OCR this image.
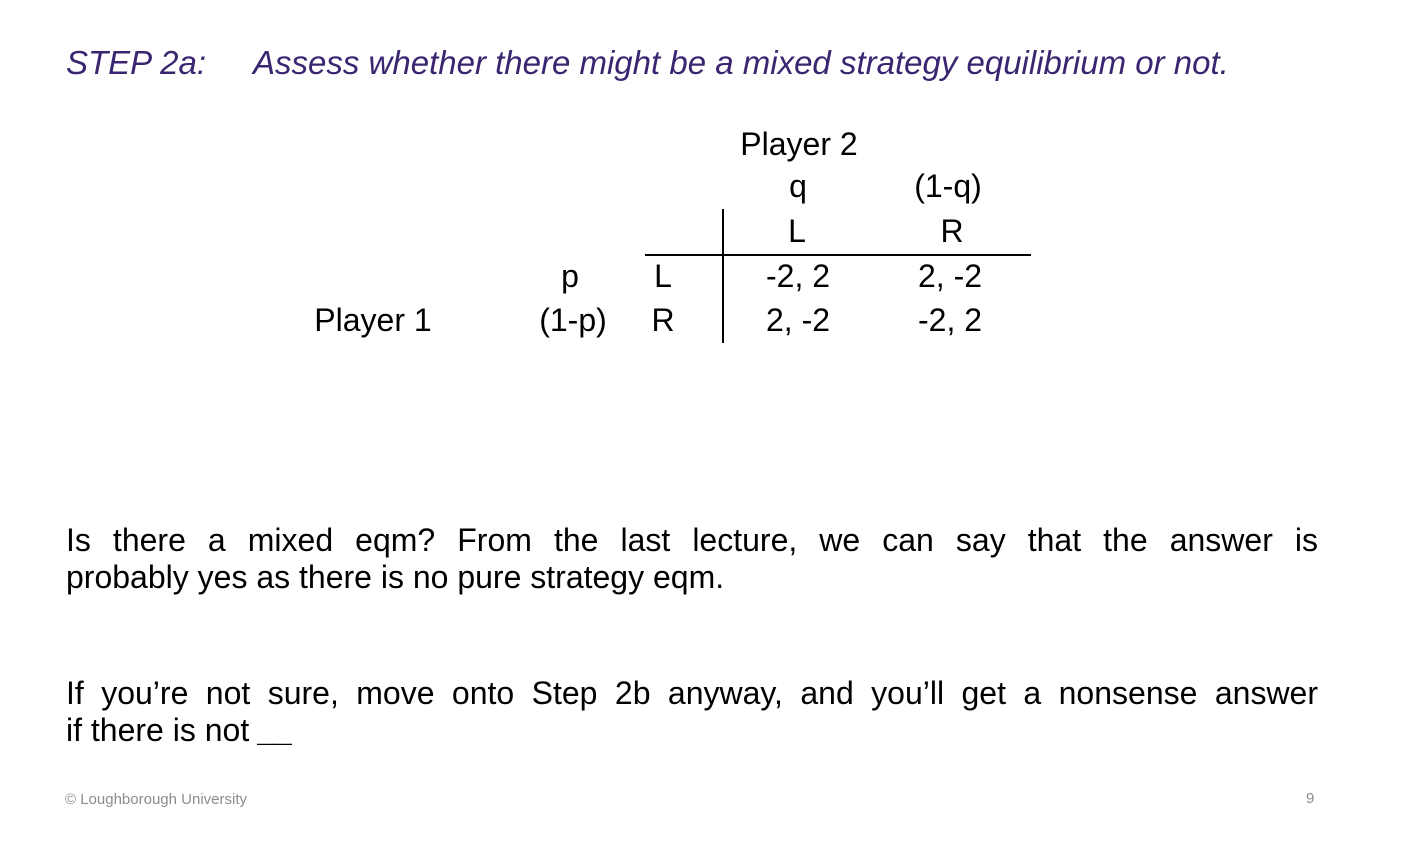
STEP 2a: Assess whether there might be a mixed strategy equilibrium or not.
Player 2
q	(1-q)
L	R
p L	-2, 2	2, -2
Player 1	(1-p) R	2, -2	-2, 2
Is there a mixed eqm? From the last lecture, we can say that the answer is
probably yes as there is no pure strategy eqm.
If you’re not sure, move onto Step 2b anyway, and you’ll get a nonsense answer
if there is not __
© Loughborough University	9
